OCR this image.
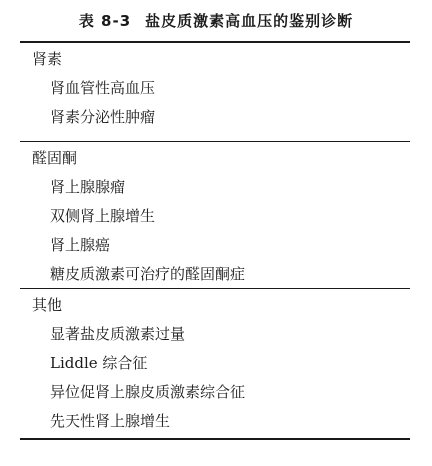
表 8-3 盐皮质激素高血压的鉴别诊断
肾素
肾血管性高血压
肾素分泌性肿瘤
醛固酮
肾上腺腺瘤
双侧肾上腺增生
肾上腺癌
糖皮质激素可治疗的醛固酮症
其他
显著盐皮质激素过量
Liddle 综合征
异位促肾上腺皮质激素综合征
先天性肾上腺增生
